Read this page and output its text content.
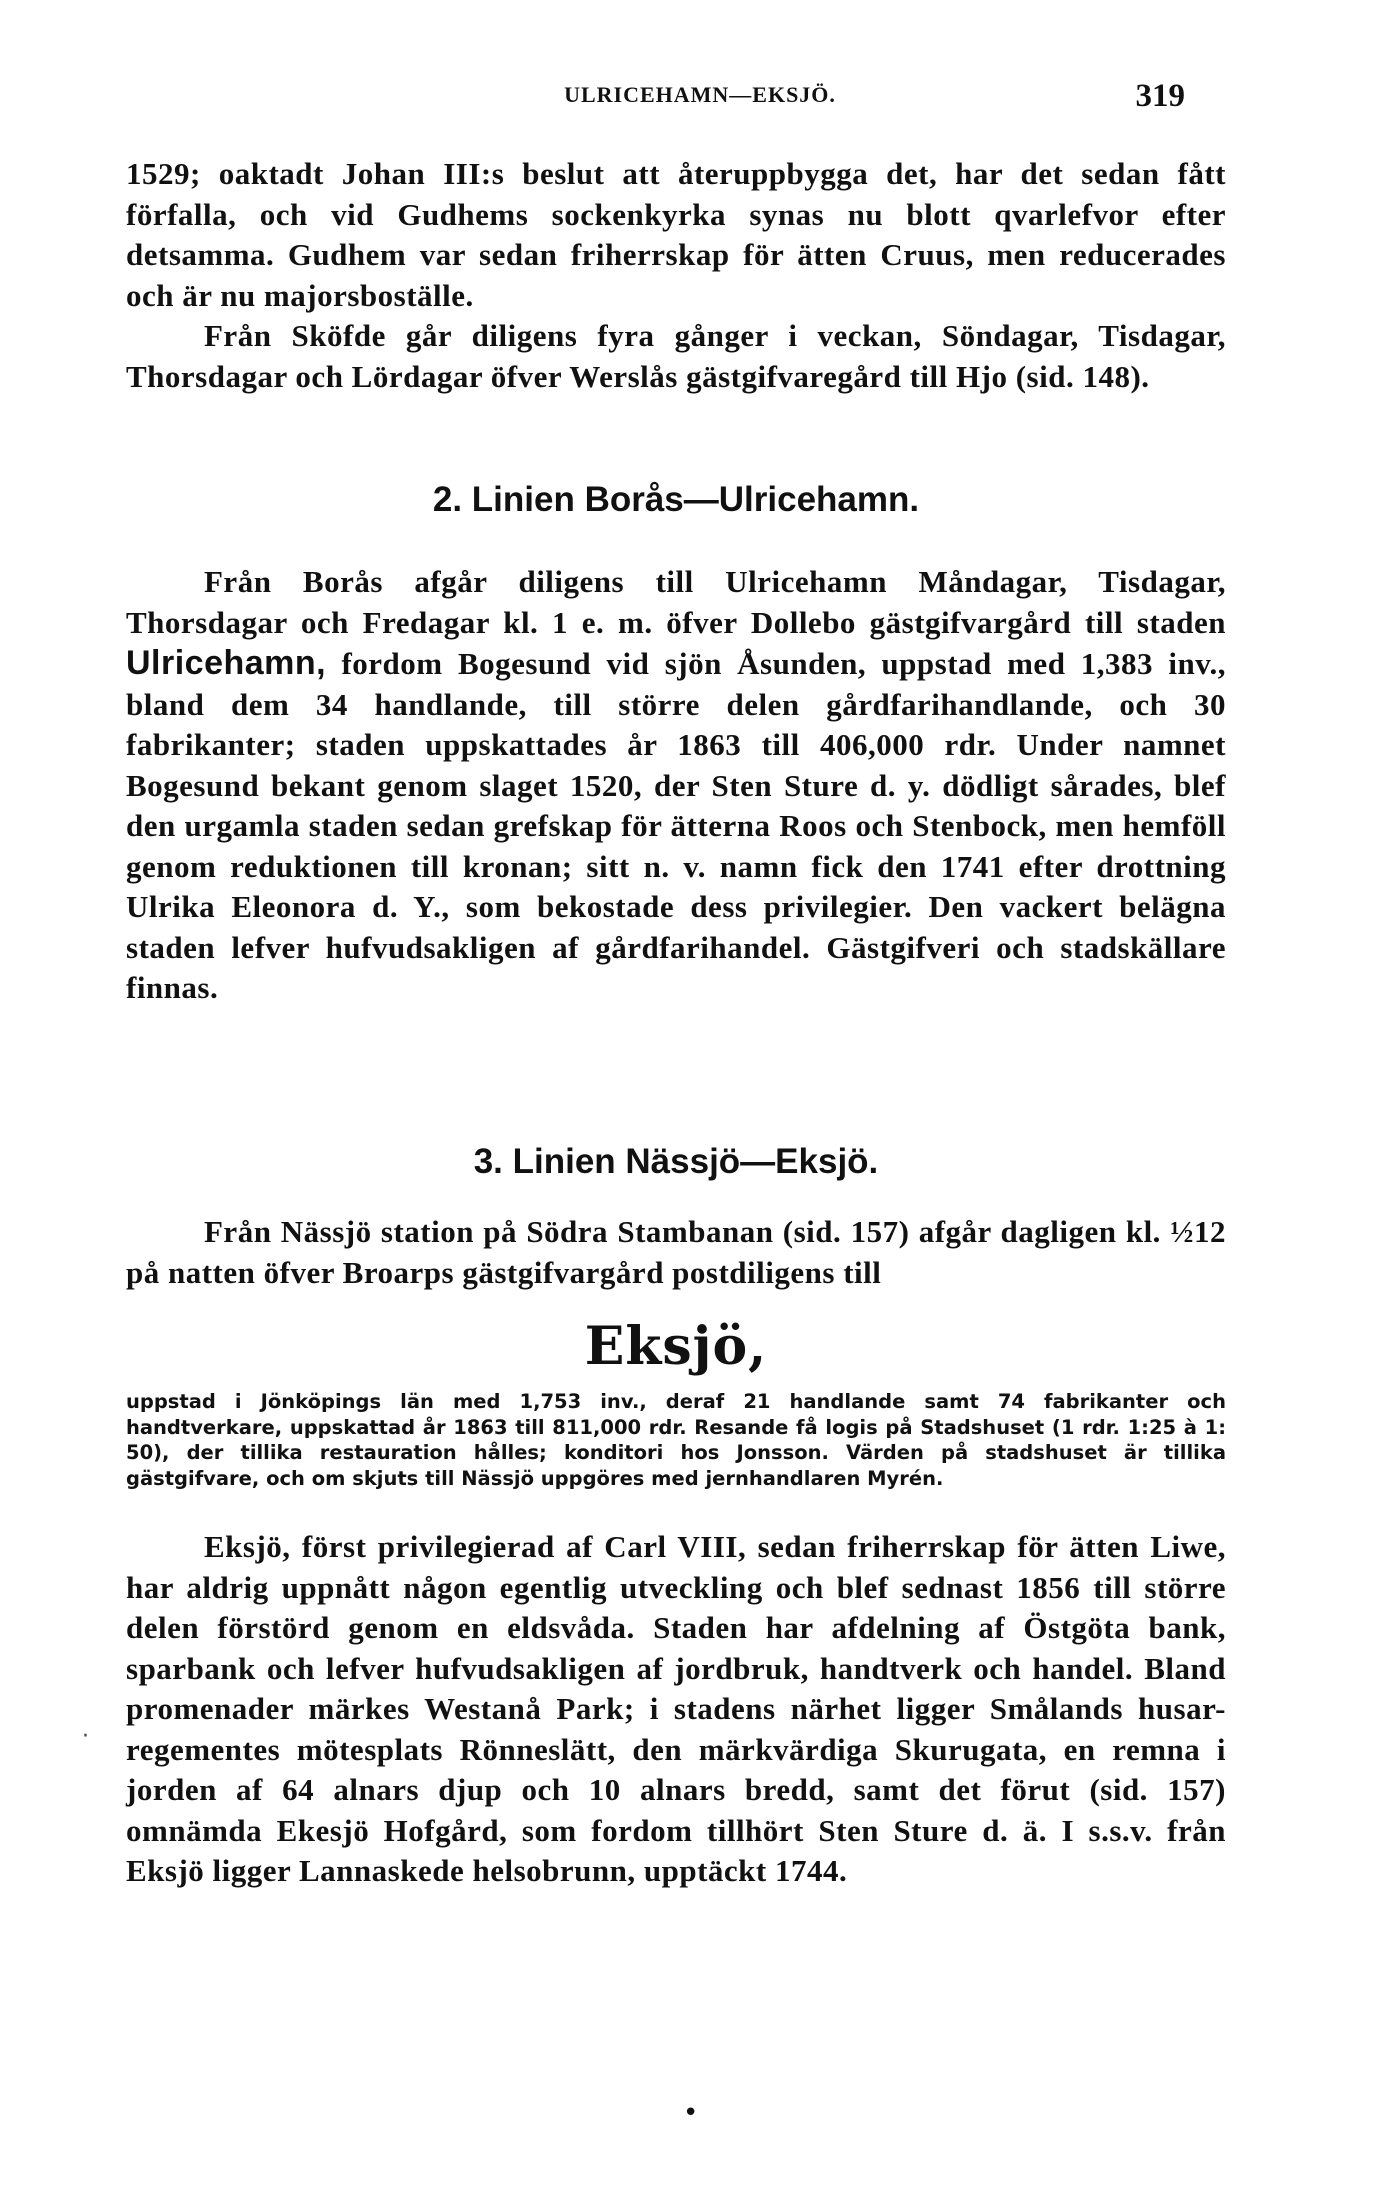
ULRICEHAMN—EKSJÖ.	319

1529; oaktadt Johan III:s beslut att återuppbygga det, har det sedan fått förfalla, och vid Gudhems sockenkyrka synas nu blott qvarlefvor efter detsamma. Gudhem var sedan friherrskap för ätten Cruus, men reducerades och är nu majorsboställe.

Från Sköfde går diligens fyra gånger i veckan, Söndagar, Tisdagar, Thorsdagar och Lördagar öfver Werslås gästgifvaregård till Hjo (sid. 148).

2. Linien Borås—Ulricehamn.

Från Borås afgår diligens till Ulricehamn Måndagar, Tisdagar, Thorsdagar och Fredagar kl. 1 e. m. öfver Dollebo gästgifvargård till staden Ulricehamn, fordom Bogesund vid sjön Åsunden, uppstad med 1,383 inv., bland dem 34 handlande, till större delen gårdfarihandlande, och 30 fabrikanter; staden uppskattades år 1863 till 406,000 rdr. Under namnet Bogesund bekant genom slaget 1520, der Sten Sture d. y. dödligt sårades, blef den urgamla staden sedan grefskap för ätterna Roos och Stenbock, men hemföll genom reduktionen till kronan; sitt n. v. namn fick den 1741 efter drottning Ulrika Eleonora d. Y., som bekostade dess privilegier. Den vackert belägna staden lefver hufvudsakligen af gårdfarihandel. Gästgifveri och stadskällare finnas.

3. Linien Nässjö—Eksjö.

Från Nässjö station på Södra Stambanan (sid. 157) afgår dagligen kl. ½12 på natten öfver Broarps gästgifvargård postdiligens till

Eksjö,

uppstad i Jönköpings län med 1,753 inv., deraf 21 handlande samt 74 fabrikanter och handtverkare, uppskattad år 1863 till 811,000 rdr. Resande få logis på Stadshuset (1 rdr. 1:25 à 1: 50), der tillika restauration hålles; konditori hos Jonsson. Värden på stadshuset är tillika gästgifvare, och om skjuts till Nässjö uppgöres med jernhandlaren Myrén.

Eksjö, först privilegierad af Carl VIII, sedan friherrskap för ätten Liwe, har aldrig uppnått någon egentlig utveckling och blef sednast 1856 till större delen förstörd genom en eldsvåda. Staden har afdelning af Östgöta bank, sparbank och lefver hufvudsakligen af jordbruk, handtverk och handel. Bland promenader märkes Westanå Park; i stadens närhet ligger Smålands husar-regementes mötesplats Rönneslätt, den märkvärdiga Skurugata, en remna i jorden af 64 alnars djup och 10 alnars bredd, samt det förut (sid. 157) omnämda Ekesjö Hofgård, som fordom tillhört Sten Sture d. ä. I s.s.v. från Eksjö ligger Lannaskede helsobrunn, upptäckt 1744.

·
•
